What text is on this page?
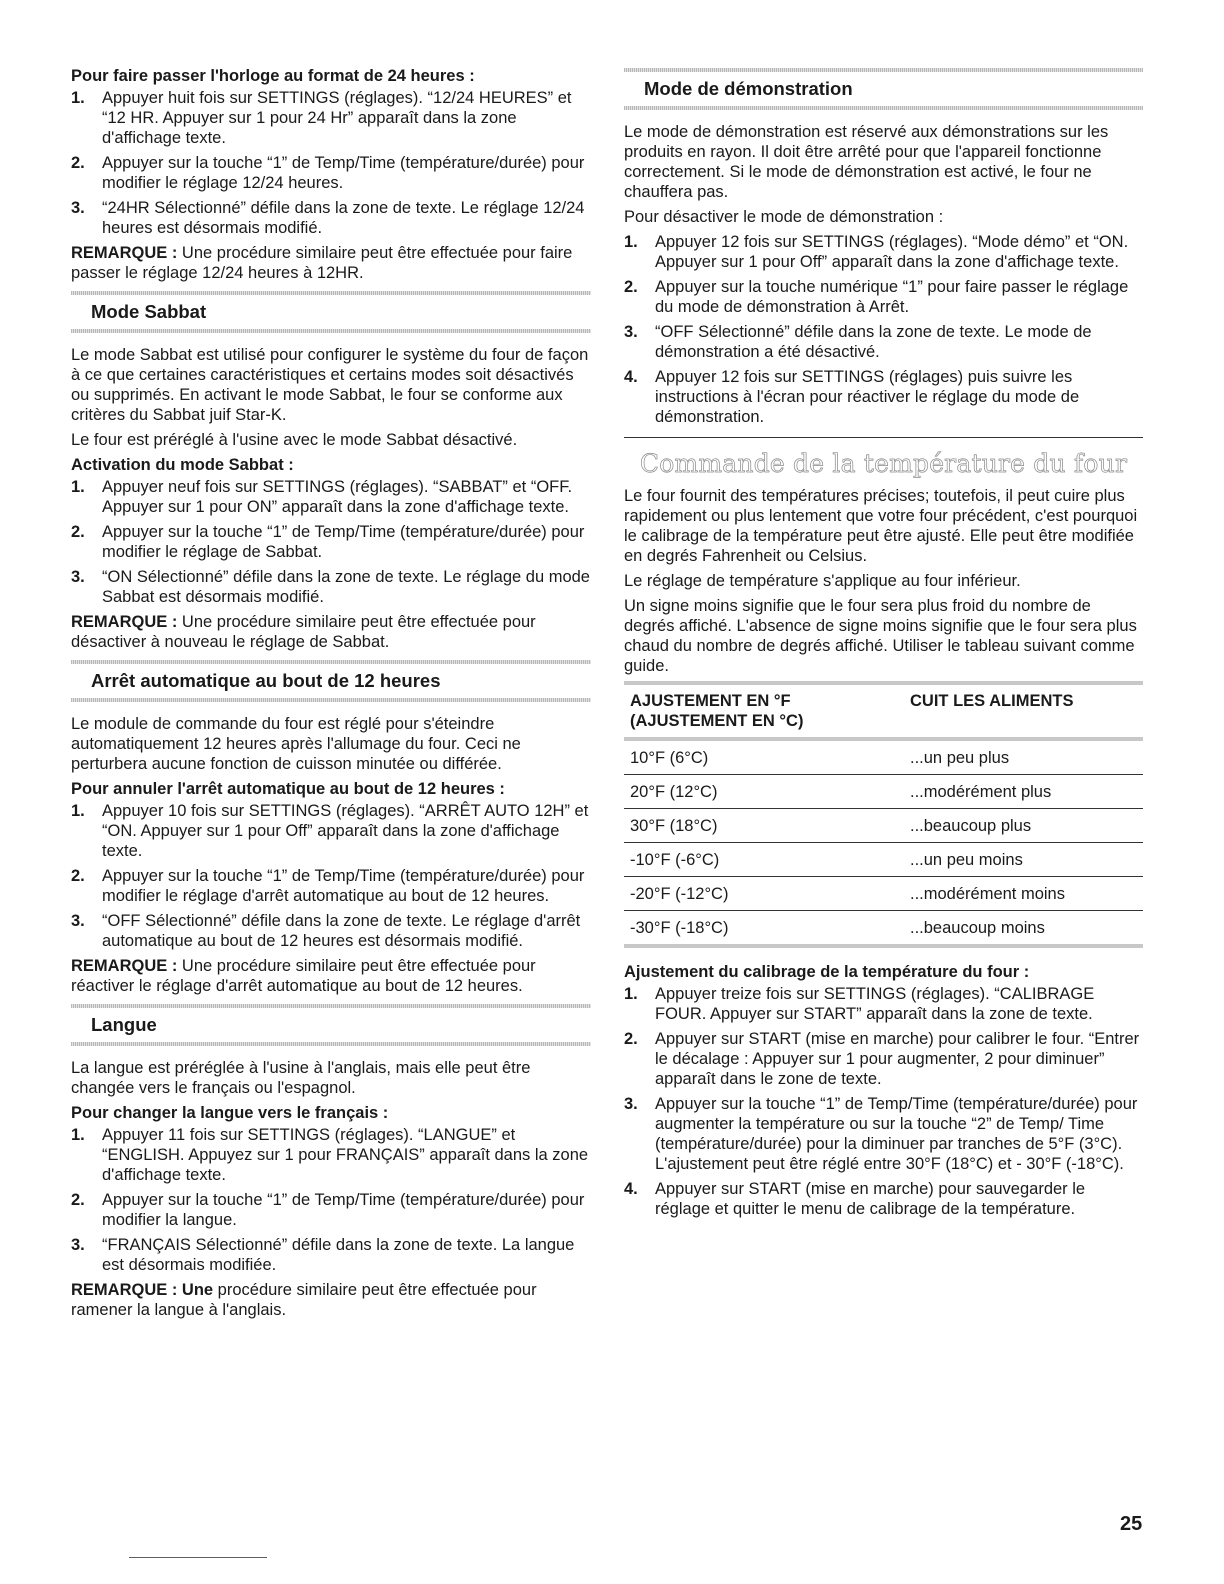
Pour faire passer l'horloge au format de 24 heures :
1. Appuyer huit fois sur SETTINGS (réglages). “12/24 HEURES” et “12 HR. Appuyer sur 1 pour 24 Hr” apparaît dans la zone d'affichage texte.
2. Appuyer sur la touche “1” de Temp/Time (température/durée) pour modifier le réglage 12/24 heures.
3. “24HR Sélectionné” défile dans la zone de texte. Le réglage 12/24 heures est désormais modifié.

REMARQUE : Une procédure similaire peut être effectuée pour faire passer le réglage 12/24 heures à 12HR.

Mode Sabbat

Le mode Sabbat est utilisé pour configurer le système du four de façon à ce que certaines caractéristiques et certains modes soit désactivés ou supprimés. En activant le mode Sabbat, le four se conforme aux critères du Sabbat juif Star-K.

Le four est préréglé à l'usine avec le mode Sabbat désactivé.

Activation du mode Sabbat :
1. Appuyer neuf fois sur SETTINGS (réglages). “SABBAT” et “OFF. Appuyer sur 1 pour ON” apparaît dans la zone d'affichage texte.
2. Appuyer sur la touche “1” de Temp/Time (température/durée) pour modifier le réglage de Sabbat.
3. “ON Sélectionné” défile dans la zone de texte. Le réglage du mode Sabbat est désormais modifié.

REMARQUE : Une procédure similaire peut être effectuée pour désactiver à nouveau le réglage de Sabbat.

Arrêt automatique au bout de 12 heures

Le module de commande du four est réglé pour s'éteindre automatiquement 12 heures après l'allumage du four. Ceci ne perturbera aucune fonction de cuisson minutée ou différée.

Pour annuler l'arrêt automatique au bout de 12 heures :
1. Appuyer 10 fois sur SETTINGS (réglages). “ARRÊT AUTO 12H” et “ON. Appuyer sur 1 pour Off” apparaît dans la zone d'affichage texte.
2. Appuyer sur la touche “1” de Temp/Time (température/durée) pour modifier le réglage d'arrêt automatique au bout de 12 heures.
3. “OFF Sélectionné” défile dans la zone de texte. Le réglage d'arrêt automatique au bout de 12 heures est désormais modifié.

REMARQUE : Une procédure similaire peut être effectuée pour réactiver le réglage d'arrêt automatique au bout de 12 heures.

Langue

La langue est préréglée à l'usine à l'anglais, mais elle peut être changée vers le français ou l'espagnol.

Pour changer la langue vers le français :
1. Appuyer 11 fois sur SETTINGS (réglages). “LANGUE” et “ENGLISH. Appuyez sur 1 pour FRANÇAIS” apparaît dans la zone d'affichage texte.
2. Appuyer sur la touche “1” de Temp/Time (température/durée) pour modifier la langue.
3. “FRANÇAIS Sélectionné” défile dans la zone de texte. La langue est désormais modifiée.

REMARQUE : Une procédure similaire peut être effectuée pour ramener la langue à l'anglais.

Mode de démonstration

Le mode de démonstration est réservé aux démonstrations sur les produits en rayon. Il doit être arrêté pour que l'appareil fonctionne correctement. Si le mode de démonstration est activé, le four ne chauffera pas.

Pour désactiver le mode de démonstration :

1. Appuyer 12 fois sur SETTINGS (réglages). “Mode démo” et “ON. Appuyer sur 1 pour Off” apparaît dans la zone d'affichage texte.
2. Appuyer sur la touche numérique “1” pour faire passer le réglage du mode de démonstration à Arrêt.
3. “OFF Sélectionné” défile dans la zone de texte. Le mode de démonstration a été désactivé.
4. Appuyer 12 fois sur SETTINGS (réglages) puis suivre les instructions à l'écran pour réactiver le réglage du mode de démonstration.
Commande de la température du four

Le four fournit des températures précises; toutefois, il peut cuire plus rapidement ou plus lentement que votre four précédent, c'est pourquoi le calibrage de la température peut être ajusté. Elle peut être modifiée en degrés Fahrenheit ou Celsius.

Le réglage de température s'applique au four inférieur.

Un signe moins signifie que le four sera plus froid du nombre de degrés affiché. L'absence de signe moins signifie que le four sera plus chaud du nombre de degrés affiché. Utiliser le tableau suivant comme guide.

AJUSTEMENT EN °F (AJUSTEMENT EN °C)	CUIT LES ALIMENTS
10°F (6°C)	...un peu plus
20°F (12°C)	...modérément plus
30°F (18°C)	...beaucoup plus
-10°F (-6°C)	...un peu moins
-20°F (-12°C)	...modérément moins
-30°F (-18°C)	...beaucoup moins
Ajustement du calibrage de la température du four :
1. Appuyer treize fois sur SETTINGS (réglages). “CALIBRAGE FOUR. Appuyer sur START” apparaît dans la zone de texte.
2. Appuyer sur START (mise en marche) pour calibrer le four. “Entrer le décalage : Appuyer sur 1 pour augmenter, 2 pour diminuer” apparaît dans le zone de texte.
3. Appuyer sur la touche “1” de Temp/Time (température/durée) pour augmenter la température ou sur la touche “2” de Temp/ Time (température/durée) pour la diminuer par tranches de 5°F (3°C). L'ajustement peut être réglé entre 30°F (18°C) et - 30°F (-18°C).
4. Appuyer sur START (mise en marche) pour sauvegarder le réglage et quitter le menu de calibrage de la température.
25
